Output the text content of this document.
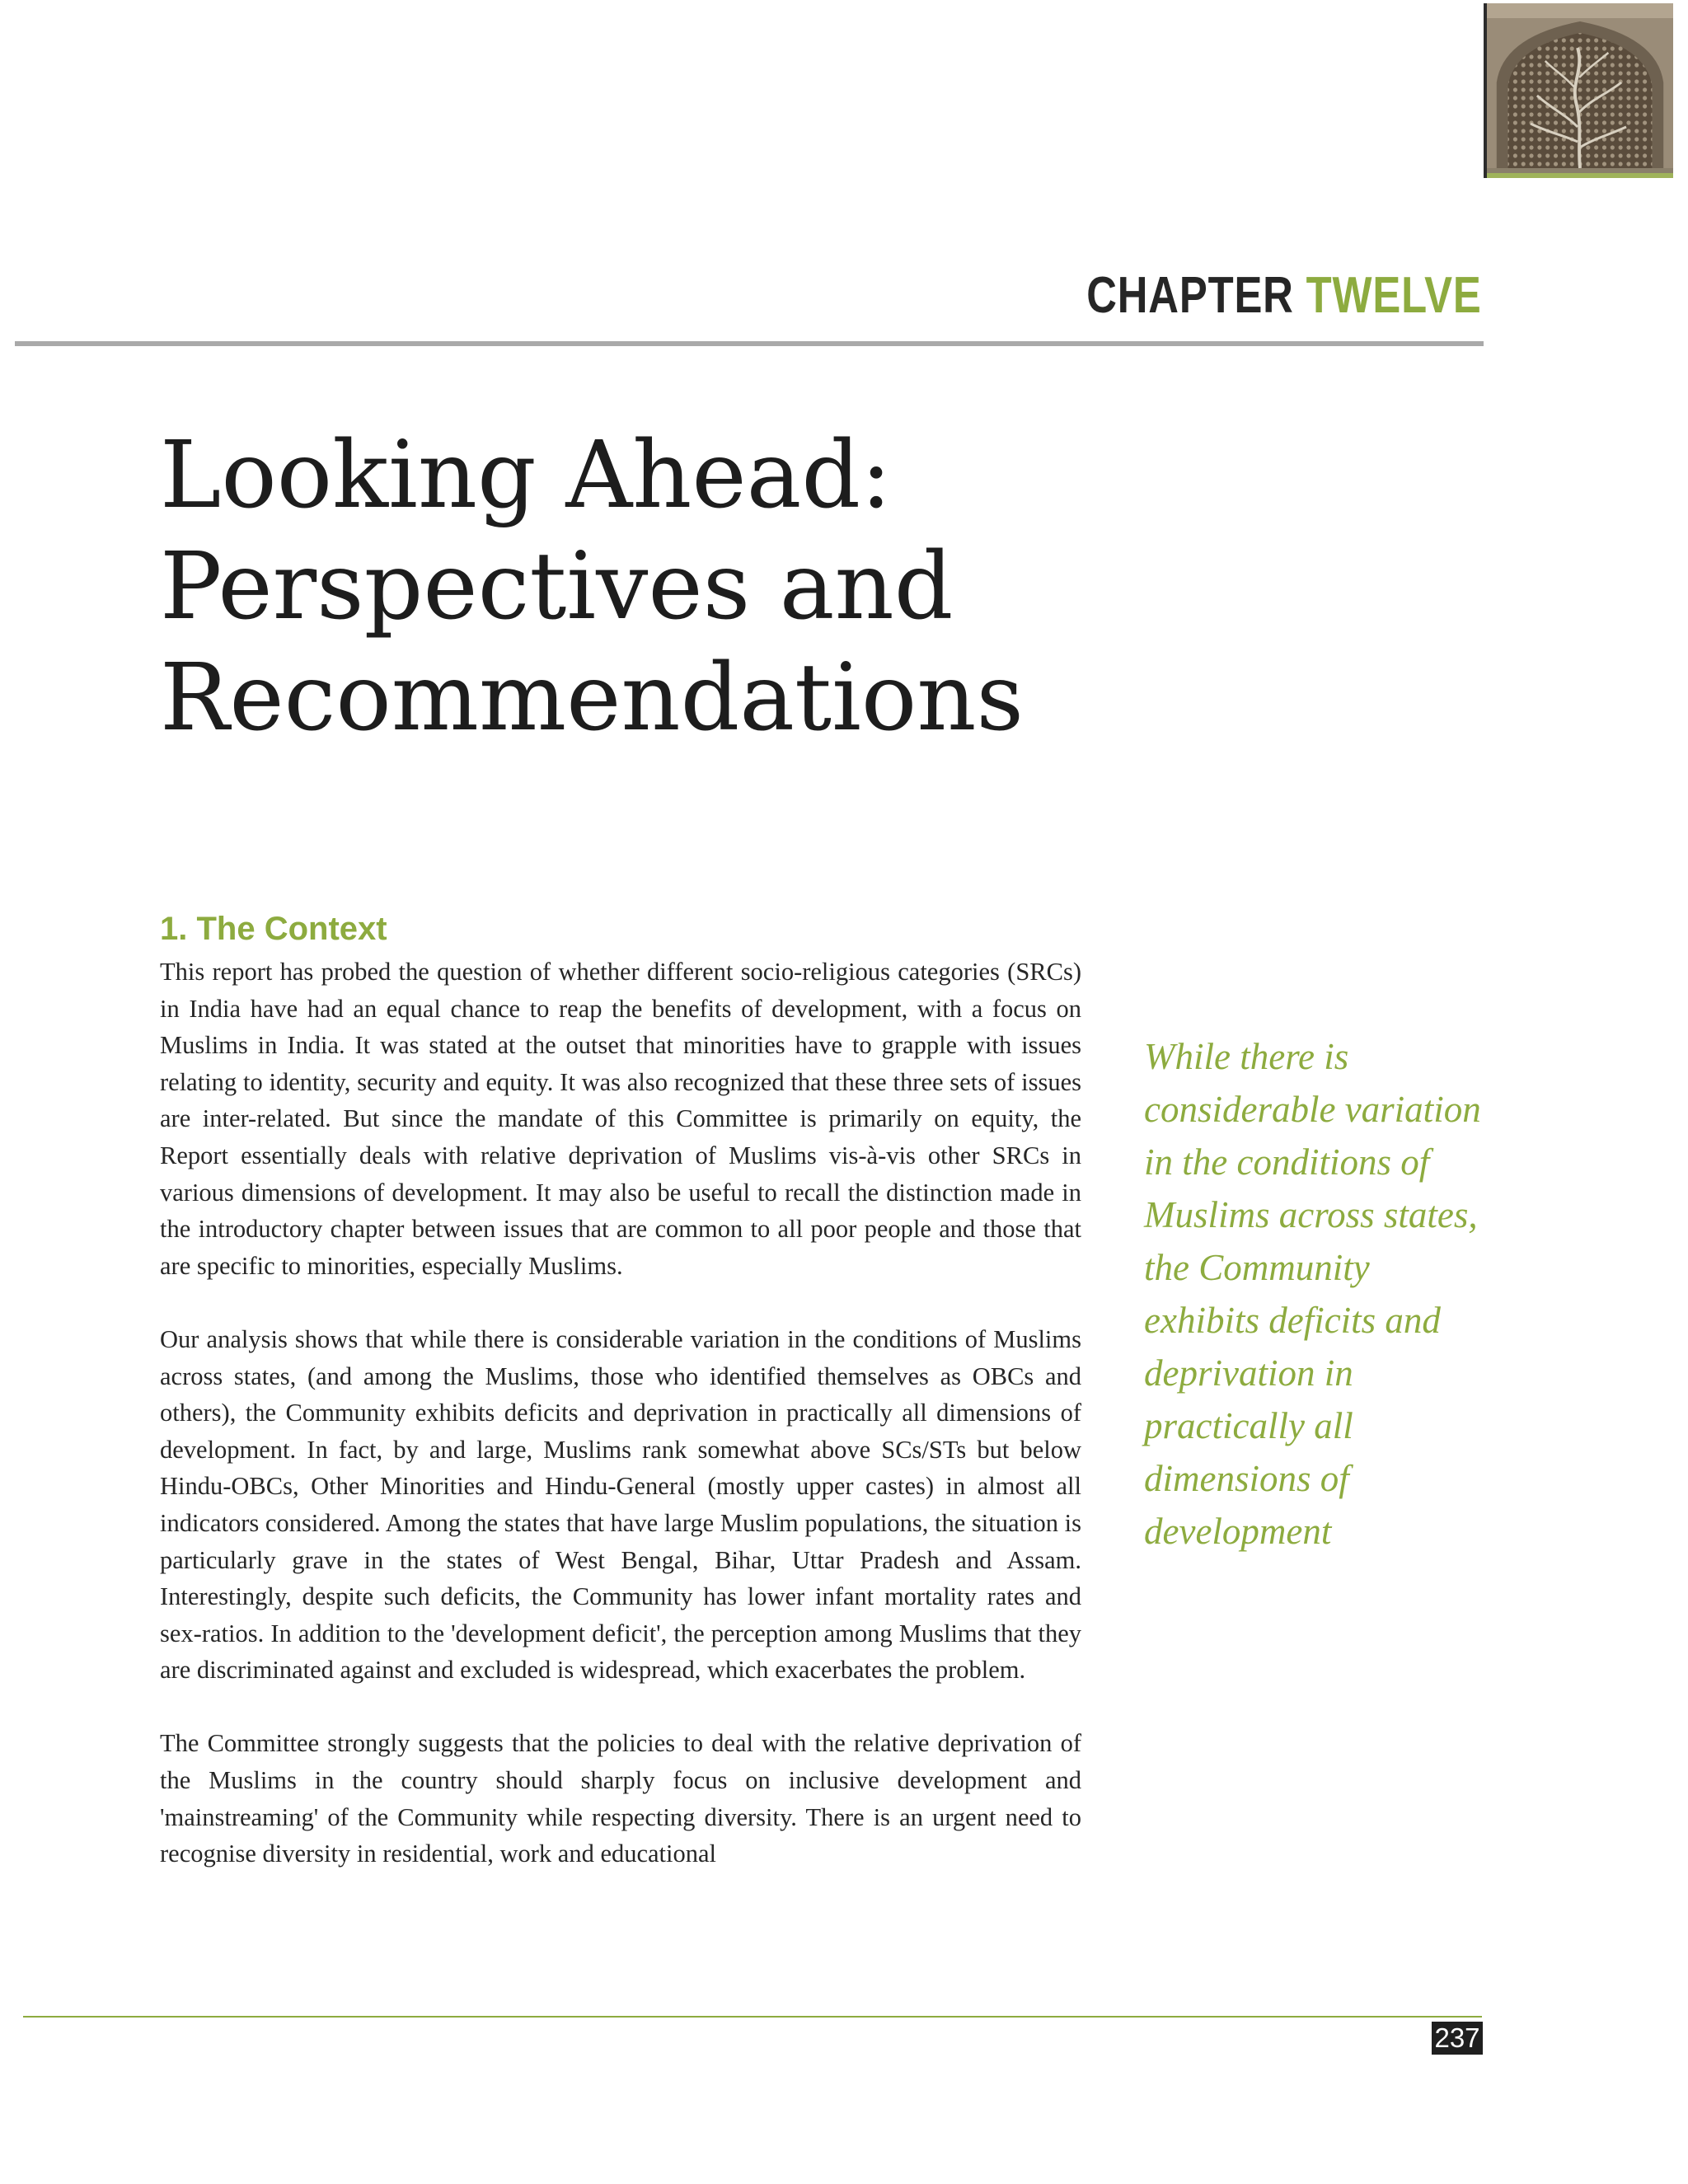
CHAPTER TWELVE
Looking Ahead:
Perspectives and
Recommendations
1. The Context

This report has probed the question of whether different socio-religious categories (SRCs) in India have had an equal chance to reap the benefits of development, with a focus on Muslims in India. It was stated at the outset that minorities have to grapple with issues relating to identity, security and equity. It was also recognized that these three sets of issues are inter-related. But since the mandate of this Committee is primarily on equity, the Report essentially deals with relative deprivation of Muslims vis-à-vis other SRCs in various dimensions of development. It may also be useful to recall the distinction made in the introductory chapter between issues that are common to all poor people and those that are specific to minorities, especially Muslims.

Our analysis shows that while there is considerable variation in the conditions of Muslims across states, (and among the Muslims, those who identified themselves as OBCs and others), the Community exhibits deficits and deprivation in practically all dimensions of development. In fact, by and large, Muslims rank somewhat above SCs/STs but below Hindu-OBCs, Other Minorities and Hindu-General (mostly upper castes) in almost all indicators considered. Among the states that have large Muslim populations, the situation is particularly grave in the states of West Bengal, Bihar, Uttar Pradesh and Assam. Interestingly, despite such deficits, the Community has lower infant mortality rates and sex-ratios. In addition to the 'development deficit', the perception among Muslims that they are discriminated against and excluded is widespread, which exacerbates the problem.

The Committee strongly suggests that the policies to deal with the relative deprivation of the Muslims in the country should sharply focus on inclusive development and 'mainstreaming' of the Community while respecting diversity. There is an urgent need to recognise diversity in residential, work and educational

While there is considerable variation in the conditions of Muslims across states, the Community exhibits deficits and deprivation in practically all dimensions of development
237
